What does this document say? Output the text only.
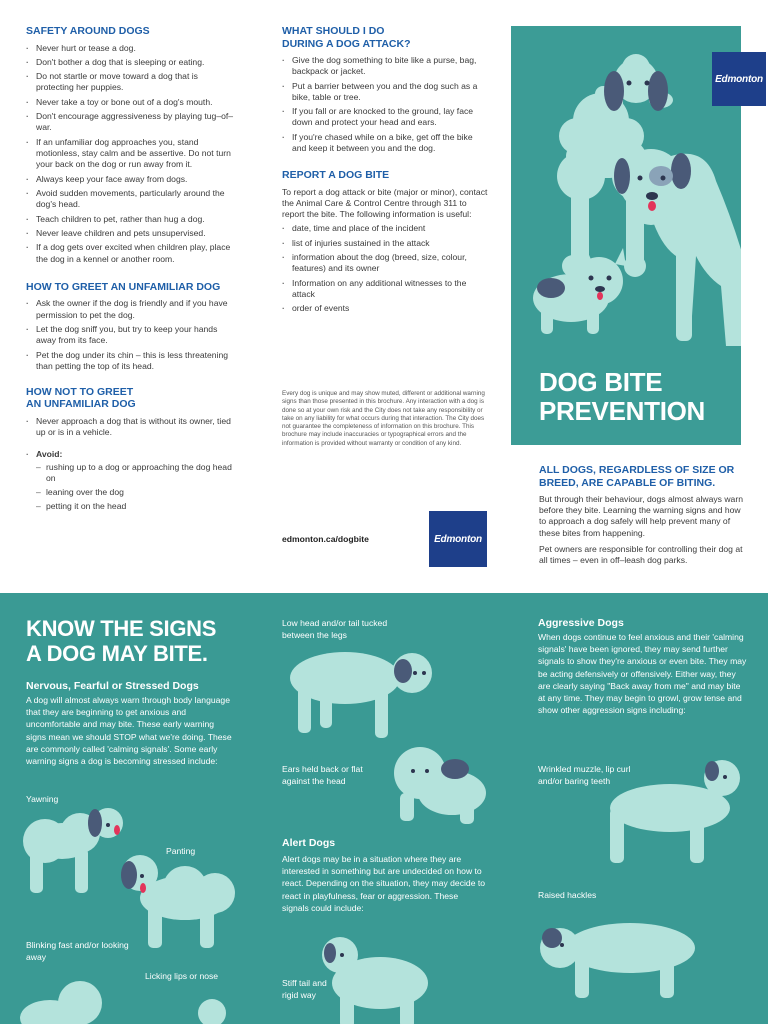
SAFETY AROUND DOGS
· Never hurt or tease a dog.
· Don't bother a dog that is sleeping or eating.
· Do not startle or move toward a dog that is protecting her puppies.
· Never take a toy or bone out of a dog's mouth.
· Don't encourage aggressiveness by playing tug–of–war.
· If an unfamiliar dog approaches you, stand motionless, stay calm and be assertive. Do not turn your back on the dog or run away from it.
· Always keep your face away from dogs.
· Avoid sudden movements, particularly around the dog's head.
· Teach children to pet, rather than hug a dog.
· Never leave children and pets unsupervised.
· If a dog gets over excited when children play, place the dog in a kennel or another room.
HOW TO GREET AN UNFAMILIAR DOG
· Ask the owner if the dog is friendly and if you have permission to pet the dog.
· Let the dog sniff you, but try to keep your hands away from its face.
· Pet the dog under its chin – this is less threatening than petting the top of its head.
HOW NOT TO GREET
AN UNFAMILIAR DOG
· Never approach a dog that is without its owner, tied up or is in a vehicle.
· Avoid:
– rushing up to a dog or approaching the dog head on
– leaning over the dog
– petting it on the head
WHAT SHOULD I DO
DURING A DOG ATTACK?
· Give the dog something to bite like a purse, bag, backpack or jacket.
· Put a barrier between you and the dog such as a bike, table or tree.
· If you fall or are knocked to the ground, lay face down and protect your head and ears.
· If you're chased while on a bike, get off the bike and keep it between you and the dog.
REPORT A DOG BITE

To report a dog attack or bite (major or minor), contact the Animal Care & Control Centre through 311 to report the bite. The following information is useful:

· date, time and place of the incident
· list of injuries sustained in the attack
· information about the dog (breed, size, colour, features) and its owner
· Information on any additional witnesses to the attack
· order of events

Every dog is unique and may show muted, different or additional warning signs than those presented in this brochure. Any interaction with a dog is done so at your own risk and the City does not take any responsibility or take on any liability for what occurs during that interaction. The City does not guarantee the completeness of information on this brochure. This brochure may include inaccuracies or typographical errors and the information is provided without warranty or condition of any kind.

edmonton.ca/dogbite	Edmonton
Edmonton
DOG BITE
PREVENTION
ALL DOGS, REGARDLESS OF SIZE OR
BREED, ARE CAPABLE OF BITING.

But through their behaviour, dogs almost always warn before they bite. Learning the warning signs and how to approach a dog safely will help prevent many of these bites from happening.

Pet owners are responsible for controlling their dog at all times – even in off–leash dog parks.

KNOW THE SIGNS
A DOG MAY BITE.
Nervous, Fearful or Stressed Dogs

A dog will almost always warn through body language that they are beginning to get anxious and uncomfortable and may bite. These early warning signs mean we should STOP what we're doing. These are commonly called 'calming signals'. Some early warning signs a dog is becoming stressed include:

Yawning
Panting
Blinking fast and/or looking away
Licking lips or nose
Low head and/or tail tucked between the legs
Ears held back or flat against the head
Alert Dogs

Alert dogs may be in a situation where they are interested in something but are undecided on how to react. Depending on the situation, they may decide to react in playfulness, fear or aggression. These signals could include:

Stiff tail and rigid way
Aggressive Dogs

When dogs continue to feel anxious and their 'calming signals' have been ignored, they may send further signals to show they're anxious or even bite. They may be acting defensively or offensively. Either way, they are clearly saying "Back away from me" and may bite at any time. They may begin to growl, grow tense and show other aggression signs including:

Wrinkled muzzle, lip curl and/or baring teeth
Raised hackles
